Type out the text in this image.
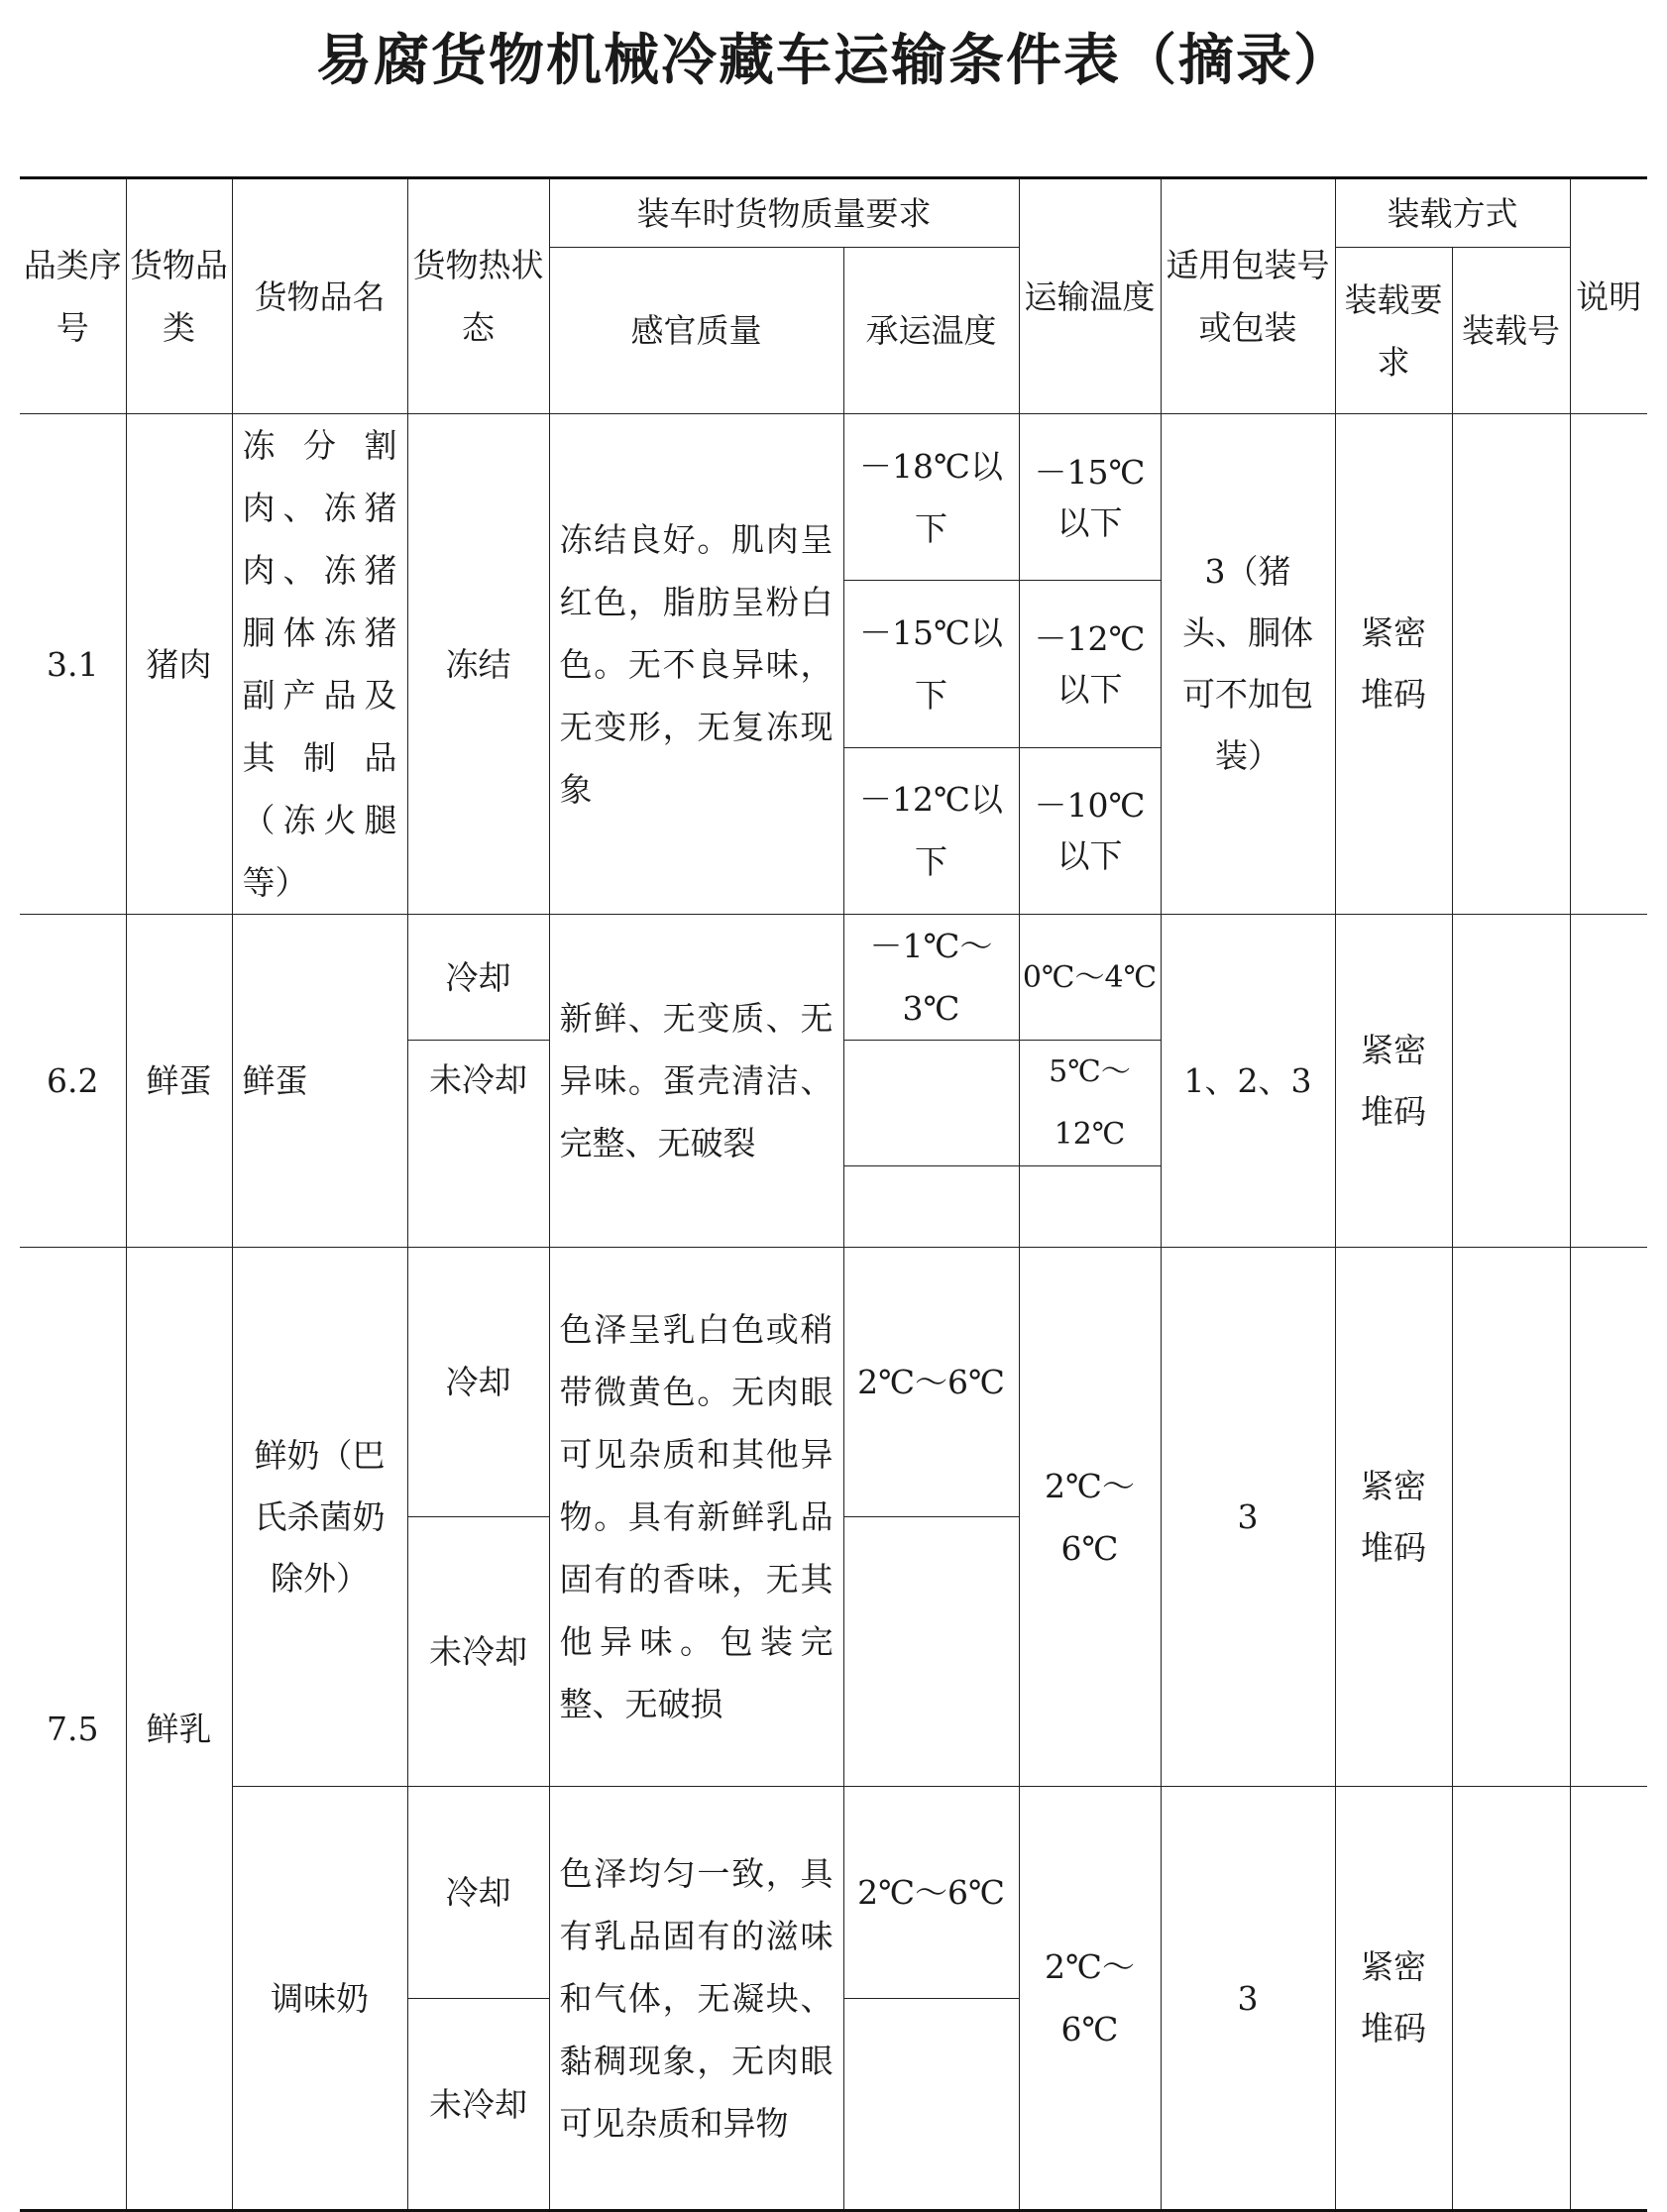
易腐货物机械冷藏车运输条件表（摘录）
品类序号	货物品类	货物品名	货物热状态	装车时货物质量要求		运输温度	适用包装号或包装	装载方式		说明
				感官质量	承运温度			装载要求	装载号	
3.1	猪肉	冻分割肉、冻猪肉、冻猪胴体冻猪副产品及其制品（冻火腿等）	冻结	冻结良好。肌肉呈红色，脂肪呈粉白色。无不良异味，无变形，无复冻现象	－18℃以下	－15℃以下	3（猪头、胴体可不加包装）	紧密堆码		

					－15℃以下	－12℃以下				

					－12℃以下	－10℃以下				

6.2	鲜蛋	鲜蛋	冷却	新鲜、无变质、无异味。蛋壳清洁、完整、无破裂	－1℃～3℃	0℃～4℃	1、2、3	紧密堆码		

			未冷却			5℃～12℃				

7.5	鲜乳	鲜奶（巴氏杀菌奶除外）	冷却	色泽呈乳白色或稍带微黄色。无肉眼可见杂质和其他异物。具有新鲜乳品固有的香味，无其他异味。包装完整、无破损	2℃～6℃	2℃～6℃	3	紧密堆码		

			未冷却							
		调味奶	冷却	色泽均匀一致，具有乳品固有的滋味和气体，无凝块、黏稠现象，无肉眼可见杂质和异物	2℃～6℃	2℃～6℃	3	紧密堆码		

			未冷却							
